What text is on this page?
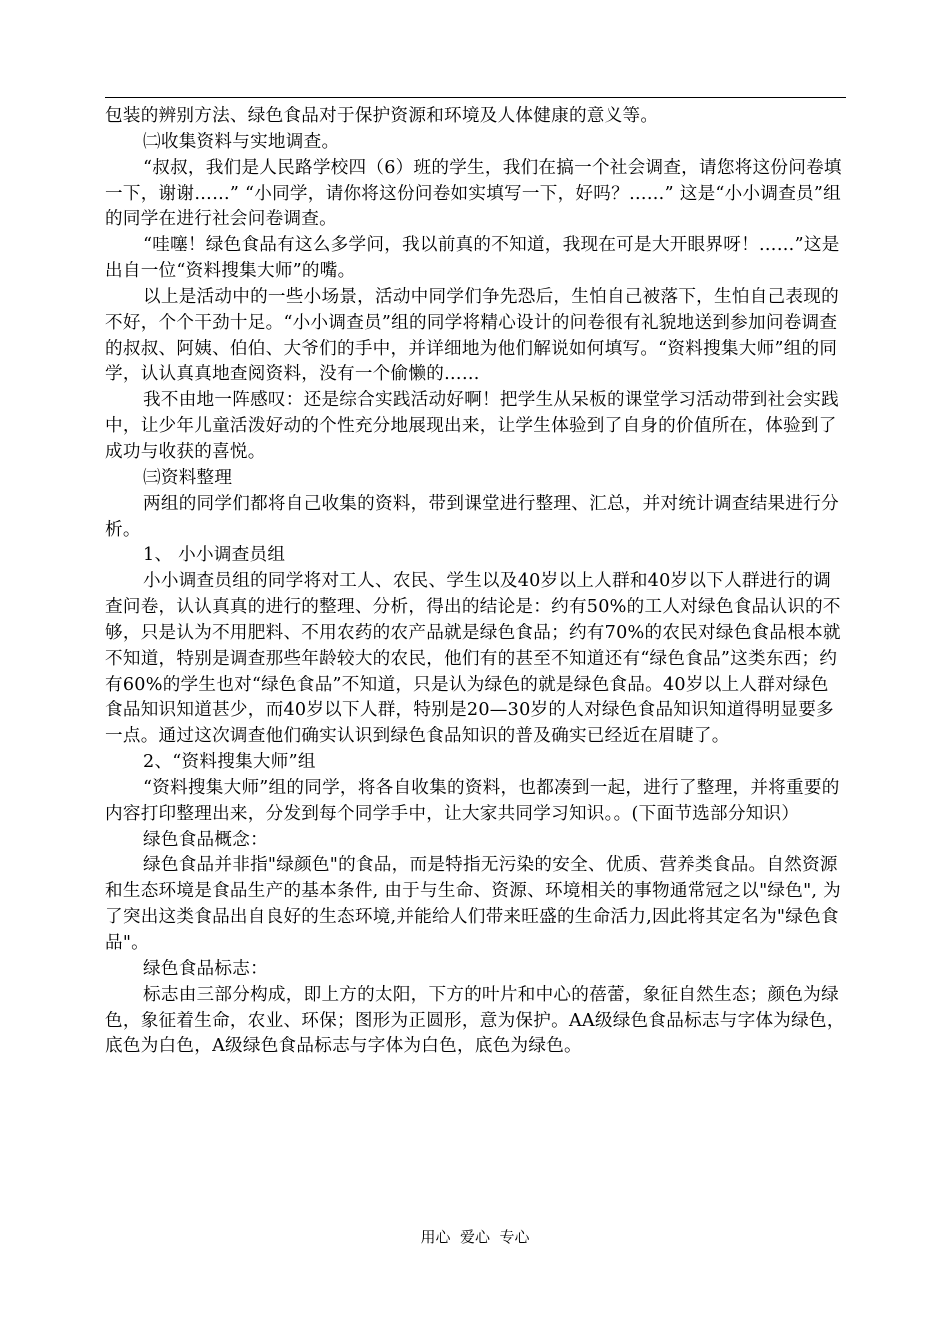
包装的辨别方法、绿色食品对于保护资源和环境及人体健康的意义等。

㈡收集资料与实地调查。

“叔叔，我们是人民路学校四（6）班的学生，我们在搞一个社会调查，请您将这份问卷填一下，谢谢……” “小同学，请你将这份问卷如实填写一下，好吗？……” 这是“小小调查员”组的同学在进行社会问卷调查。

“哇噻！绿色食品有这么多学问，我以前真的不知道，我现在可是大开眼界呀！……”这是出自一位“资料搜集大师”的嘴。

以上是活动中的一些小场景，活动中同学们争先恐后，生怕自己被落下，生怕自己表现的不好，个个干劲十足。“小小调查员”组的同学将精心设计的问卷很有礼貌地送到参加问卷调查的叔叔、阿姨、伯伯、大爷们的手中，并详细地为他们解说如何填写。“资料搜集大师”组的同学，认认真真地查阅资料，没有一个偷懒的……

我不由地一阵感叹：还是综合实践活动好啊！把学生从呆板的课堂学习活动带到社会实践中，让少年儿童活泼好动的个性充分地展现出来，让学生体验到了自身的价值所在，体验到了成功与收获的喜悦。

㈢资料整理

两组的同学们都将自己收集的资料，带到课堂进行整理、汇总，并对统计调查结果进行分析。

1、 小小调查员组

小小调查员组的同学将对工人、农民、学生以及40岁以上人群和40岁以下人群进行的调查问卷，认认真真的进行的整理、分析，得出的结论是：约有50%的工人对绿色食品认识的不够，只是认为不用肥料、不用农药的农产品就是绿色食品；约有70%的农民对绿色食品根本就不知道，特别是调查那些年龄较大的农民，他们有的甚至不知道还有“绿色食品”这类东西；约有60%的学生也对“绿色食品”不知道，只是认为绿色的就是绿色食品。40岁以上人群对绿色食品知识知道甚少，而40岁以下人群，特别是20—30岁的人对绿色食品知识知道得明显要多一点。通过这次调查他们确实认识到绿色食品知识的普及确实已经近在眉睫了。

2、“资料搜集大师”组

“资料搜集大师”组的同学，将各自收集的资料，也都凑到一起，进行了整理，并将重要的内容打印整理出来，分发到每个同学手中，让大家共同学习知识。。(下面节选部分知识）

绿色食品概念：

绿色食品并非指"绿颜色"的食品，而是特指无污染的安全、优质、营养类食品。自然资源和生态环境是食品生产的基本条件, 由于与生命、资源、环境相关的事物通常冠之以"绿色", 为了突出这类食品出自良好的生态环境,并能给人们带来旺盛的生命活力,因此将其定名为"绿色食品"。

绿色食品标志：

标志由三部分构成，即上方的太阳，下方的叶片和中心的蓓蕾，象征自然生态；颜色为绿色，象征着生命，农业、环保；图形为正圆形，意为保护。AA级绿色食品标志与字体为绿色，底色为白色，A级绿色食品标志与字体为白色，底色为绿色。

用心  爱心  专心
